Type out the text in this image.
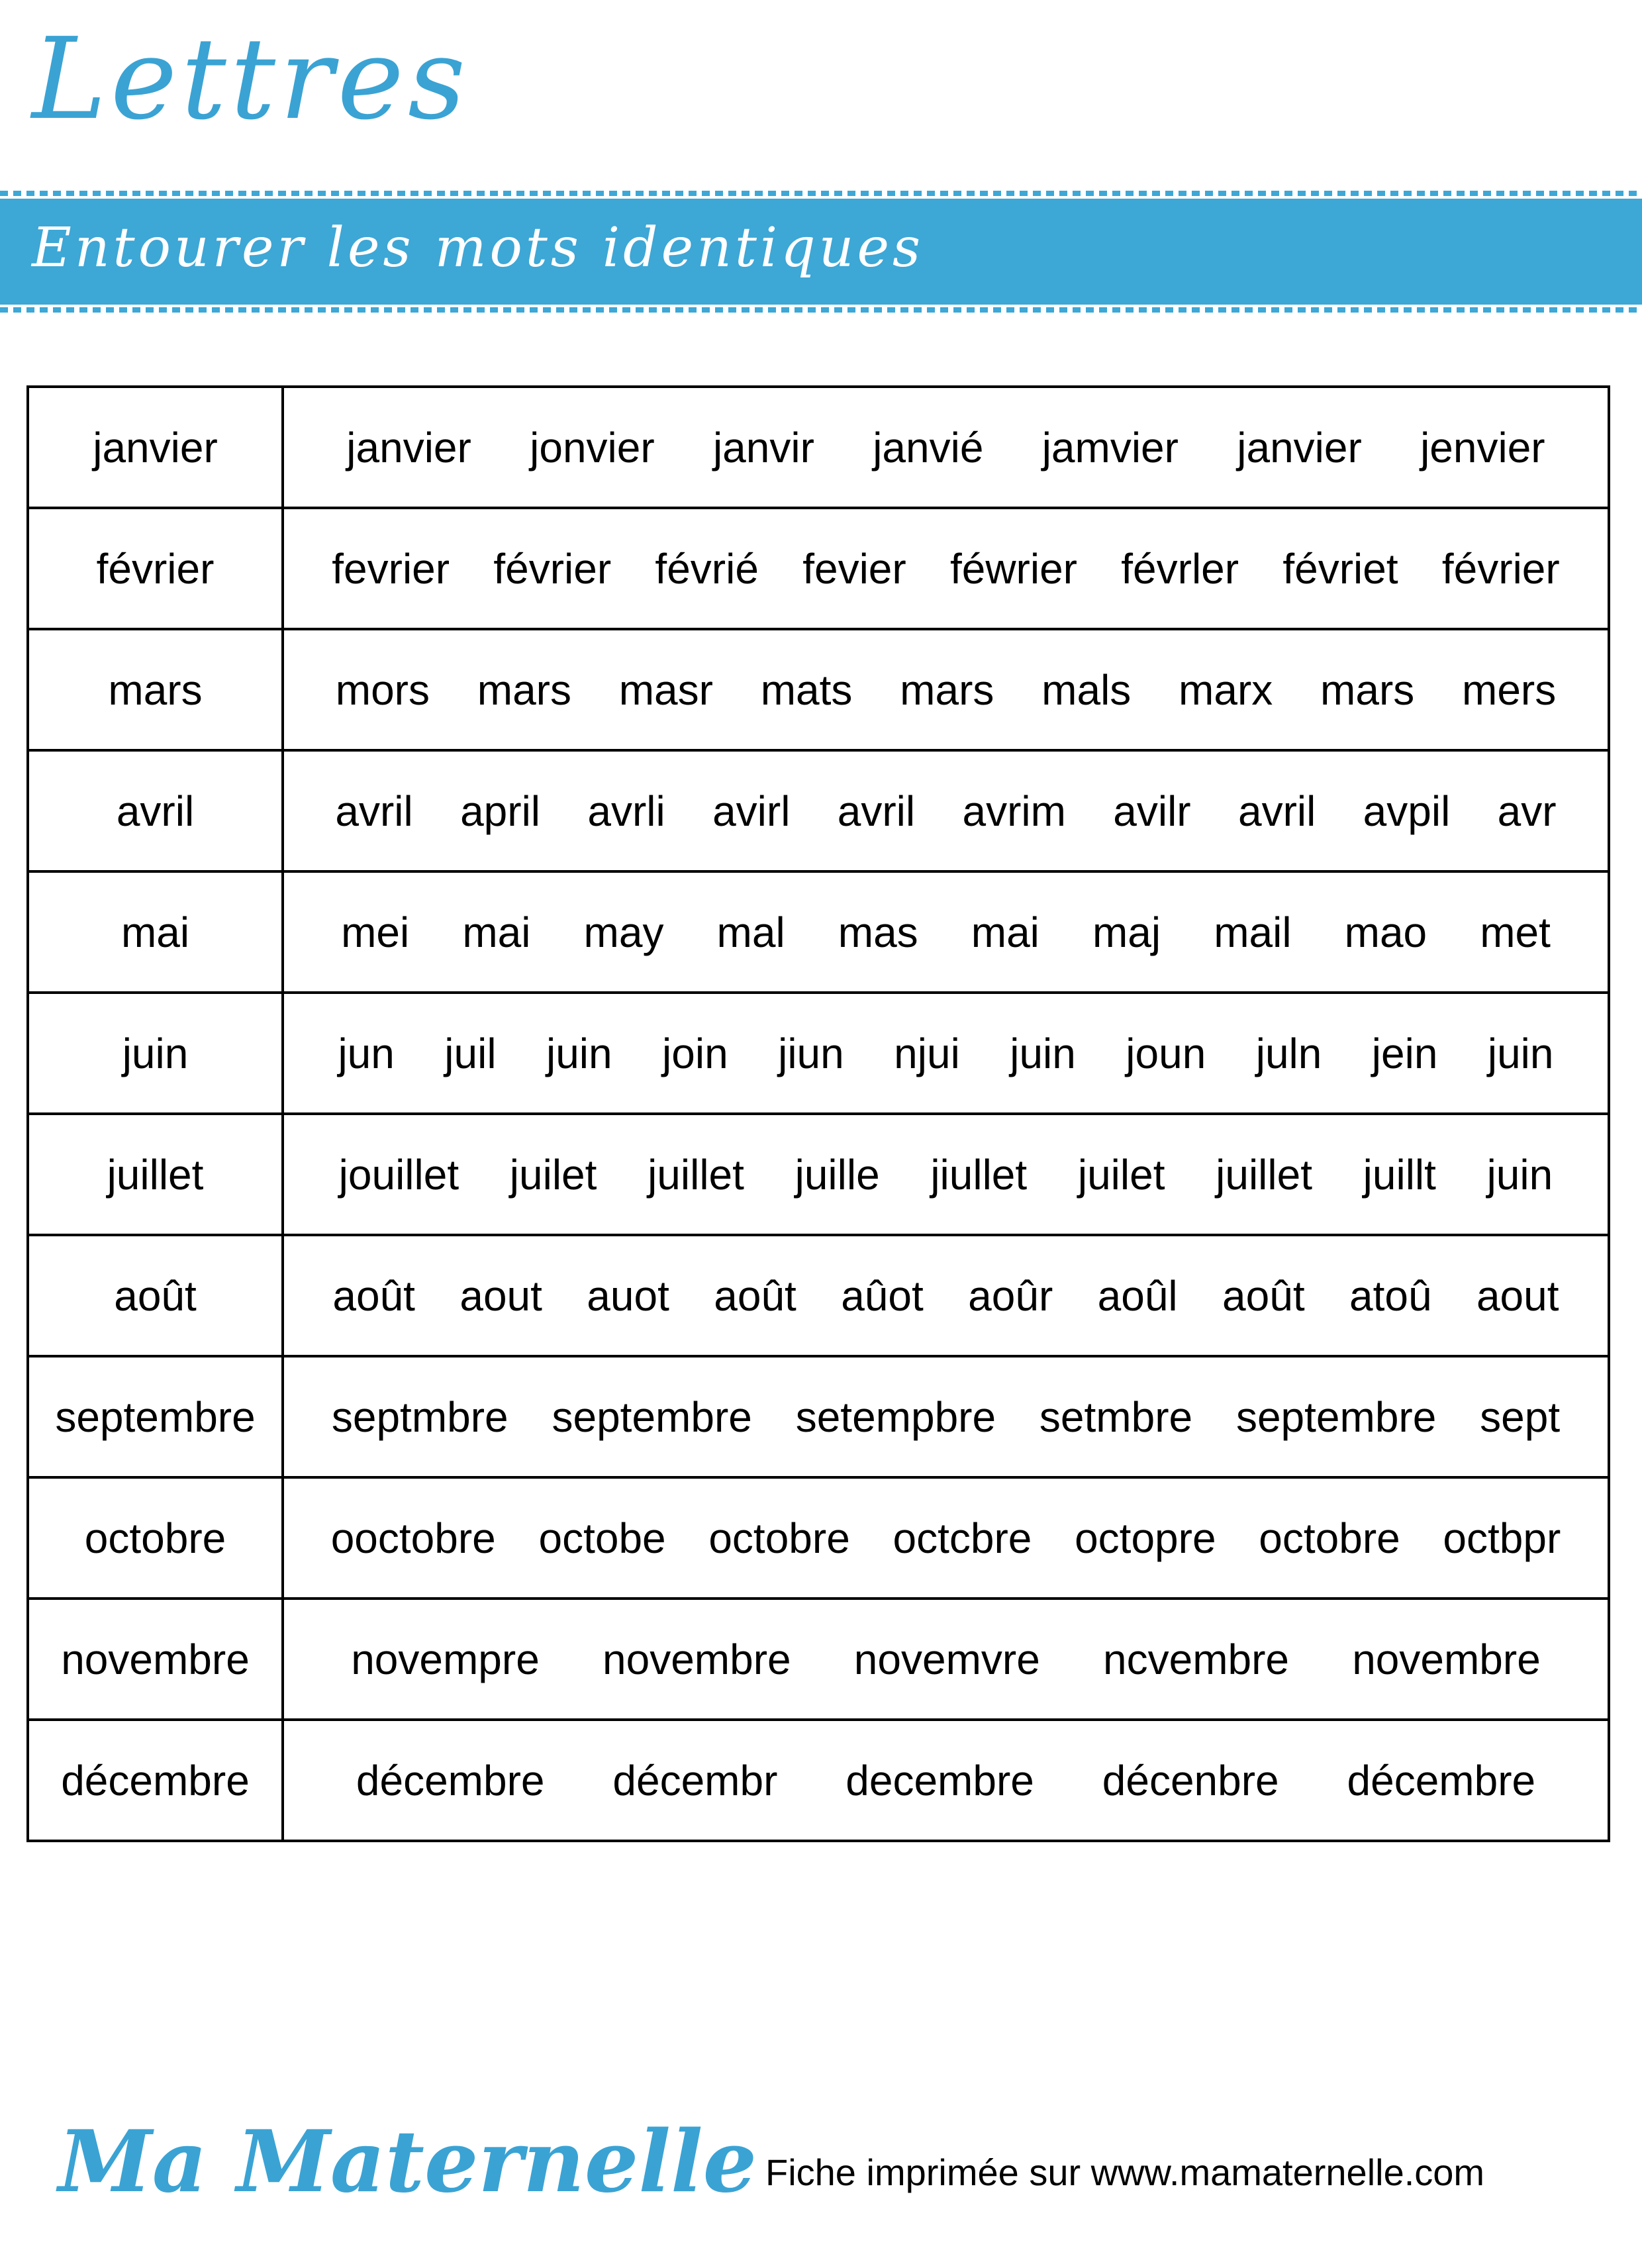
Lettres
Entourer les mots identiques
janvier	janvier jonvier janvir janvié jamvier janvier jenvier
février	fevrier février févrié fevier féwrier févrler févriet février
mars	mors mars masr mats mars mals marx mars mers
avril	avril april avrli avirl avril avrim avilr avril avpil avr
mai	mei mai may mal mas mai maj mail mao met
juin	jun juil juin join jiun njui juin joun juln jein juin
juillet	jouillet juilet juillet juille jiullet juilet juillet juillt juin
août	août aout auot août aûot aoûr aoûl août atoû aout
septembre	septmbre septembre setempbre setmbre septembre sept
octobre	ooctobre octobe octobre octcbre octopre octobre octbpr
novembre	novempre novembre novemvre ncvembre novembre
décembre	décembre décembr decembre décenbre décembre
Ma Maternelle Fiche imprimée sur www.mamaternelle.com
